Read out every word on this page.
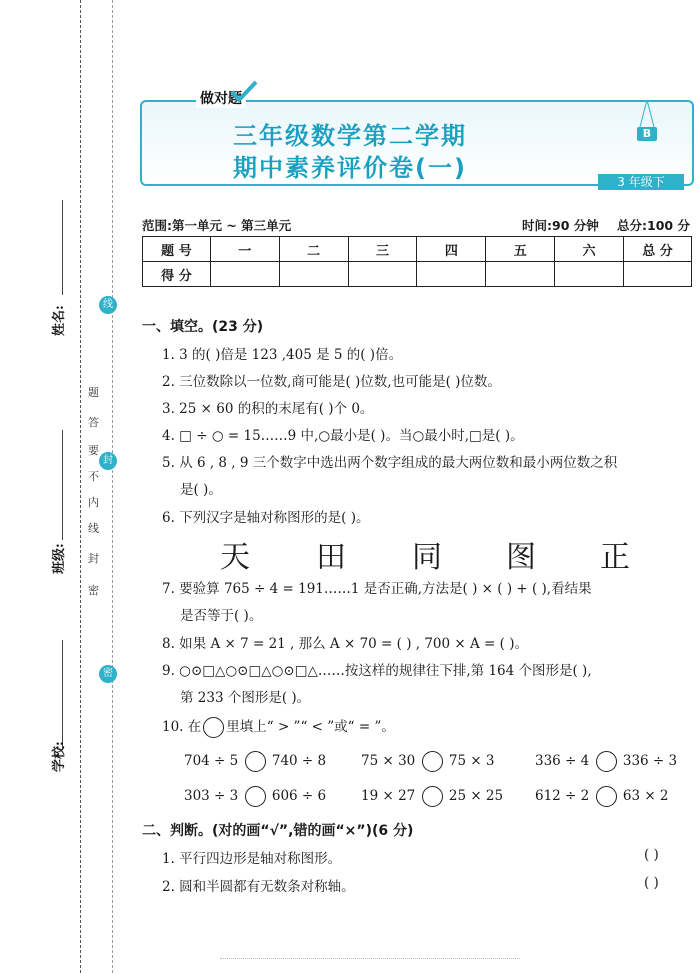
姓名:
班级:
学校:
密
封
线
内
不
要
答
题
线
封
密
做对题
三年级数学第二学期
期中素养评价卷(一)
B
3 年级下
范围:第一单元 ~ 第三单元	时间:90 分钟 总分:100 分
题 号	一	二	三	四	五	六	总 分
得 分							
一、填空。(23 分)
1. 3 的( )倍是 123 ,405 是 5 的( )倍。
2. 三位数除以一位数,商可能是( )位数,也可能是( )位数。
3. 25 × 60 的积的末尾有( )个 0。
4. □ ÷ ○ = 15……9 中,○最小是( )。当○最小时,□是( )。
5. 从 6 , 8 , 9 三个数字中选出两个数字组成的最大两位数和最小两位数之积
是( )。
6. 下列汉字是轴对称图形的是( )。
天 田 同 图 正
7. 要验算 765 ÷ 4 = 191……1 是否正确,方法是( ) × ( ) + ( ),看结果
是否等于( )。
8. 如果 A × 7 = 21 , 那么 A × 70 = ( ) , 700 × A = ( )。
9. ○⊙□△○⊙□△○⊙□△……按这样的规律往下排,第 164 个图形是( ),
第 233 个图形是( )。
10. 在 里填上“ > ”“ < ”或“ = ”。
704 ÷ 5 740 ÷ 8	75 × 30 75 × 3	336 ÷ 4 336 ÷ 3
303 ÷ 3 606 ÷ 6	19 × 27 25 × 25 612 ÷ 2 63 × 2
二、判断。(对的画“√”,错的画“×”)(6 分)
1. 平行四边形是轴对称图形。	( )
2. 圆和半圆都有无数条对称轴。	( )
